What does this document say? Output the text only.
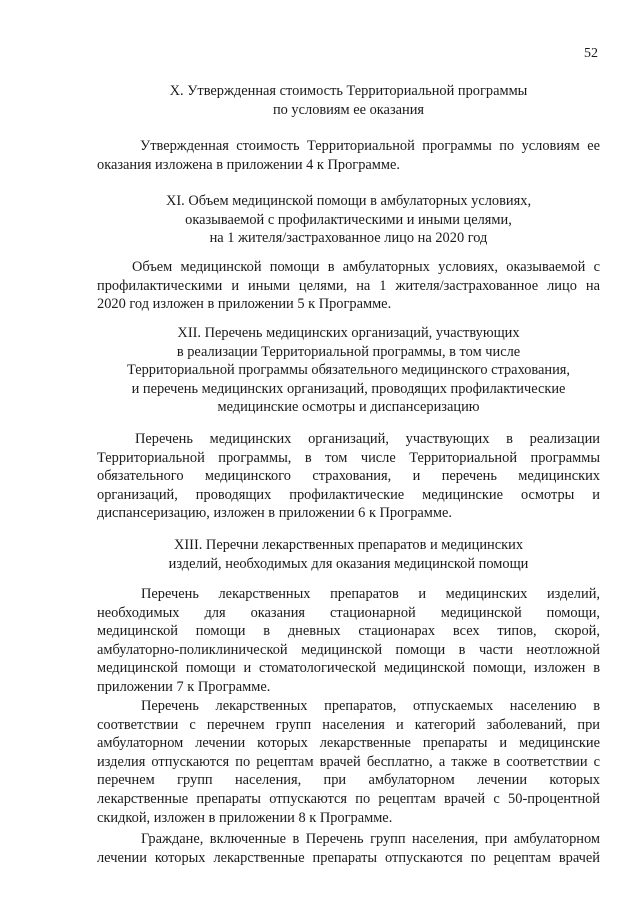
52
X. Утвержденная стоимость Территориальной программы
по условиям ее оказания
Утвержденная стоимость Территориальной программы по условиям ее
оказания изложена в приложении 4 к Программе.
XI. Объем медицинской помощи в амбулаторных условиях,
оказываемой с профилактическими и иными целями,
на 1 жителя/застрахованное лицо на 2020 год
Объем медицинской помощи в амбулаторных условиях, оказываемой с
профилактическими и иными целями, на 1 жителя/застрахованное лицо на
2020 год изложен в приложении 5 к Программе.
XII. Перечень медицинских организаций, участвующих
в реализации Территориальной программы, в том числе
Территориальной программы обязательного медицинского страхования,
и перечень медицинских организаций, проводящих профилактические
медицинские осмотры и диспансеризацию
Перечень медицинских организаций, участвующих в реализации
Территориальной программы, в том числе Территориальной программы
обязательного медицинского страхования, и перечень медицинских
организаций, проводящих профилактические медицинские осмотры и
диспансеризацию, изложен в приложении 6 к Программе.
XIII. Перечни лекарственных препаратов и медицинских
изделий, необходимых для оказания медицинской помощи
Перечень лекарственных препаратов и медицинских изделий,
необходимых для оказания стационарной медицинской помощи,
медицинской помощи в дневных стационарах всех типов, скорой,
амбулаторно-поликлинической медицинской помощи в части неотложной
медицинской помощи и стоматологической медицинской помощи, изложен в
приложении 7 к Программе.
Перечень лекарственных препаратов, отпускаемых населению в
соответствии с перечнем групп населения и категорий заболеваний, при
амбулаторном лечении которых лекарственные препараты и медицинские
изделия отпускаются по рецептам врачей бесплатно, а также в соответствии с
перечнем групп населения, при амбулаторном лечении которых
лекарственные препараты отпускаются по рецептам врачей с 50-процентной
скидкой, изложен в приложении 8 к Программе.
Граждане, включенные в Перечень групп населения, при амбулаторном
лечении которых лекарственные препараты отпускаются по рецептам врачей
